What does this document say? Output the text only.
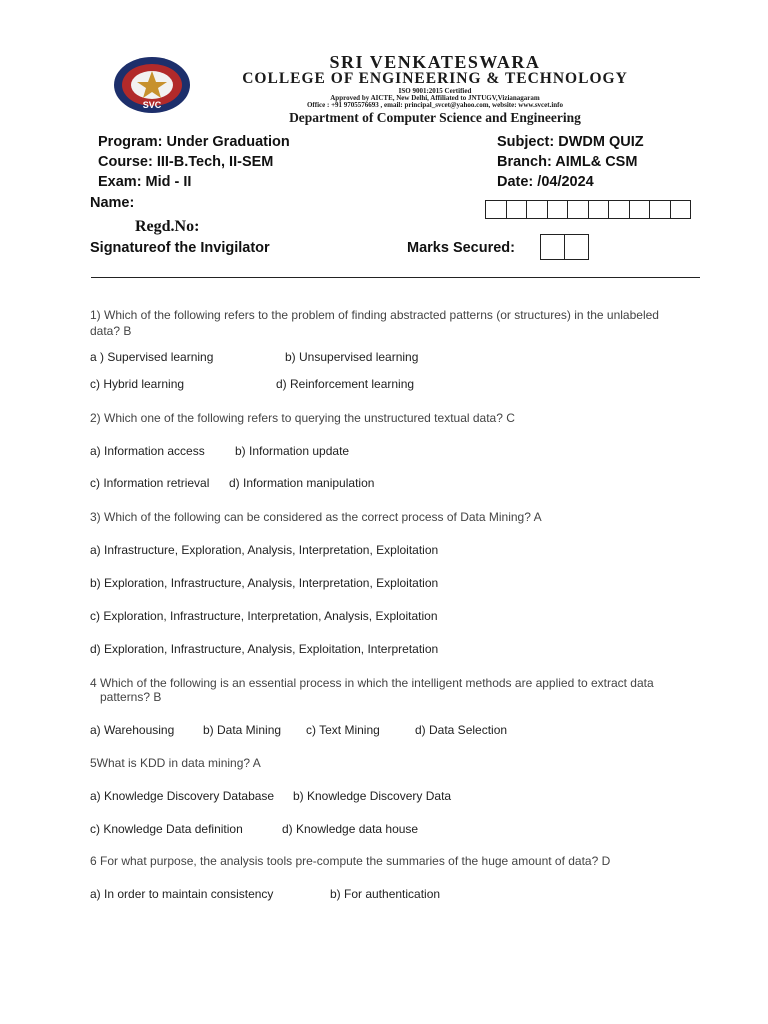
SVC
SRI VENKATESWARA
COLLEGE OF ENGINEERING & TECHNOLOGY
ISO 9001:2015 Certified
Approved by AICTE, New Delhi, Affiliated to JNTUGV,Vizianagaram
Office : +91 9705576693 , email: principal_svcet@yahoo.com, website: www.svcet.info
Department of Computer Science and Engineering
Program: Under Graduation
Course: III-B.Tech, II-SEM
Exam: Mid - II
Subject: DWDM QUIZ
Branch: AIML& CSM
Date: /04/2024
Name:
Regd.No:
Signatureof the Invigilator	Marks Secured:
1) Which of the following refers to the problem of finding abstracted patterns (or structures) in the unlabeled
data? B
a ) Supervised learning	b) Unsupervised learning
c) Hybrid learning	d) Reinforcement learning
2) Which one of the following refers to querying the unstructured textual data? C
a) Information access	b) Information update
c) Information retrieval d) Information manipulation
3) Which of the following can be considered as the correct process of Data Mining? A
a) Infrastructure, Exploration, Analysis, Interpretation, Exploitation
b) Exploration, Infrastructure, Analysis, Interpretation, Exploitation
c) Exploration, Infrastructure, Interpretation, Analysis, Exploitation
d) Exploration, Infrastructure, Analysis, Exploitation, Interpretation
4 Which of the following is an essential process in which the intelligent methods are applied to extract data
patterns? B
a) Warehousing b) Data Mining c) Text Mining	d) Data Selection
5What is KDD in data mining? A
a) Knowledge Discovery Database b) Knowledge Discovery Data
c) Knowledge Data definition	d) Knowledge data house
6 For what purpose, the analysis tools pre-compute the summaries of the huge amount of data? D
a) In order to maintain consistency	b) For authentication
